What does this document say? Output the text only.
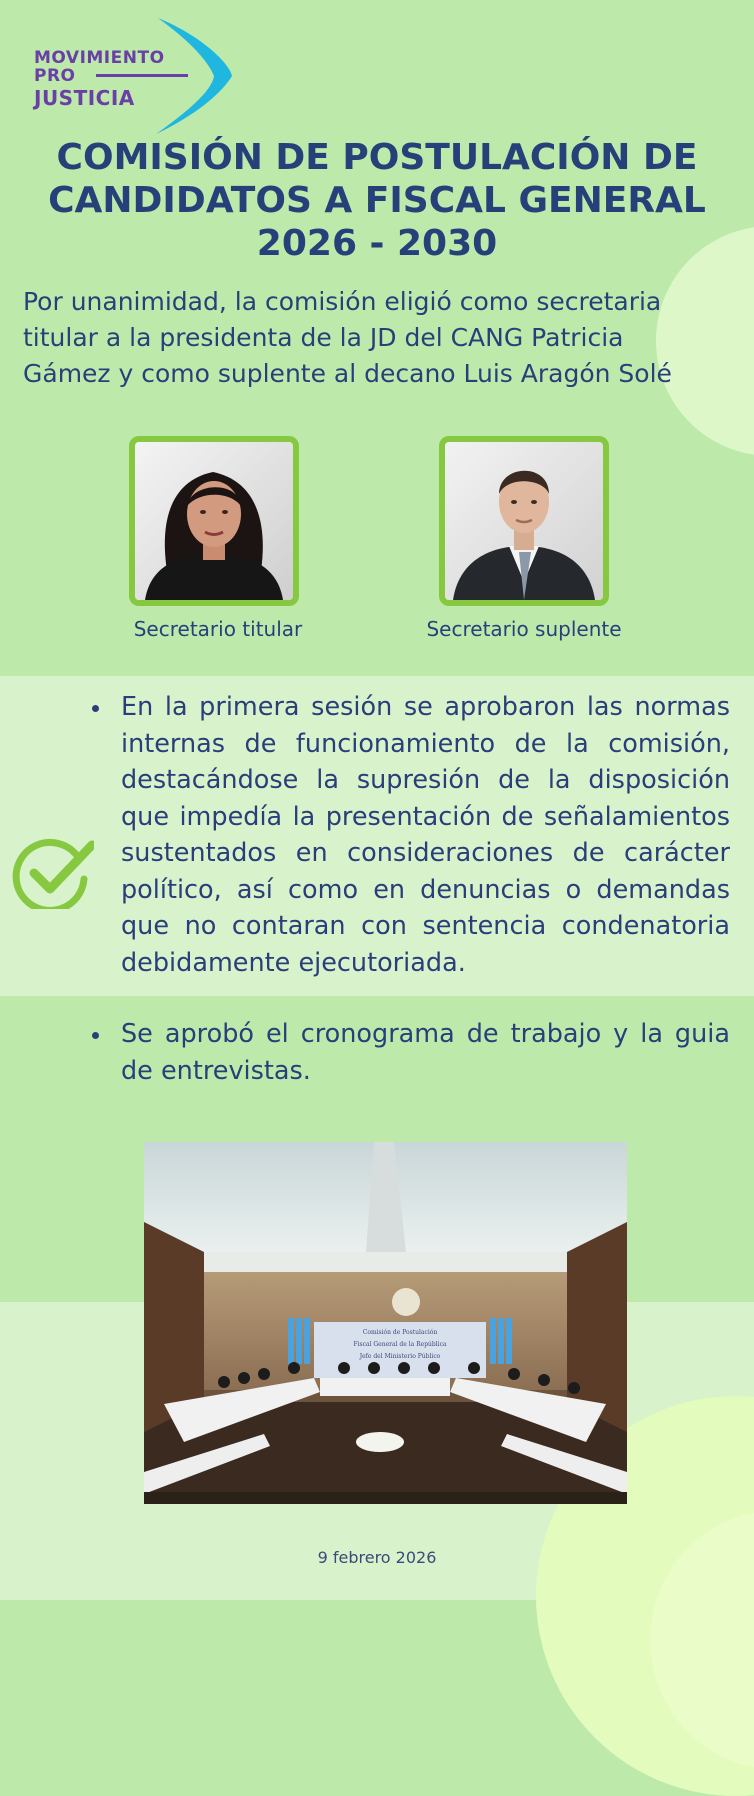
MOVIMIENTO
PRO
JUSTICIA
COMISIÓN DE POSTULACIÓN DE
CANDIDATOS A FISCAL GENERAL
2026 - 2030

Por unanimidad, la comisión eligió como secretaria
titular a la presidenta de la JD del CANG Patricia
Gámez y como suplente al decano Luis Aragón Solé

Secretario titular	Secretario suplente
En la primera sesión se aprobaron las normas internas de funcionamiento de la comisión, destacándose la supresión de la disposición que impedía la presentación de señalamientos sustentados en consideraciones de carácter político, así como en denuncias o demandas que no contaran con sentencia condenatoria debidamente ejecutoriada.
Se aprobó el cronograma de trabajo y la guia de entrevistas.
Comisión de Postulación
Fiscal General de la República
Jefe del Ministerio Público
9 febrero 2026
